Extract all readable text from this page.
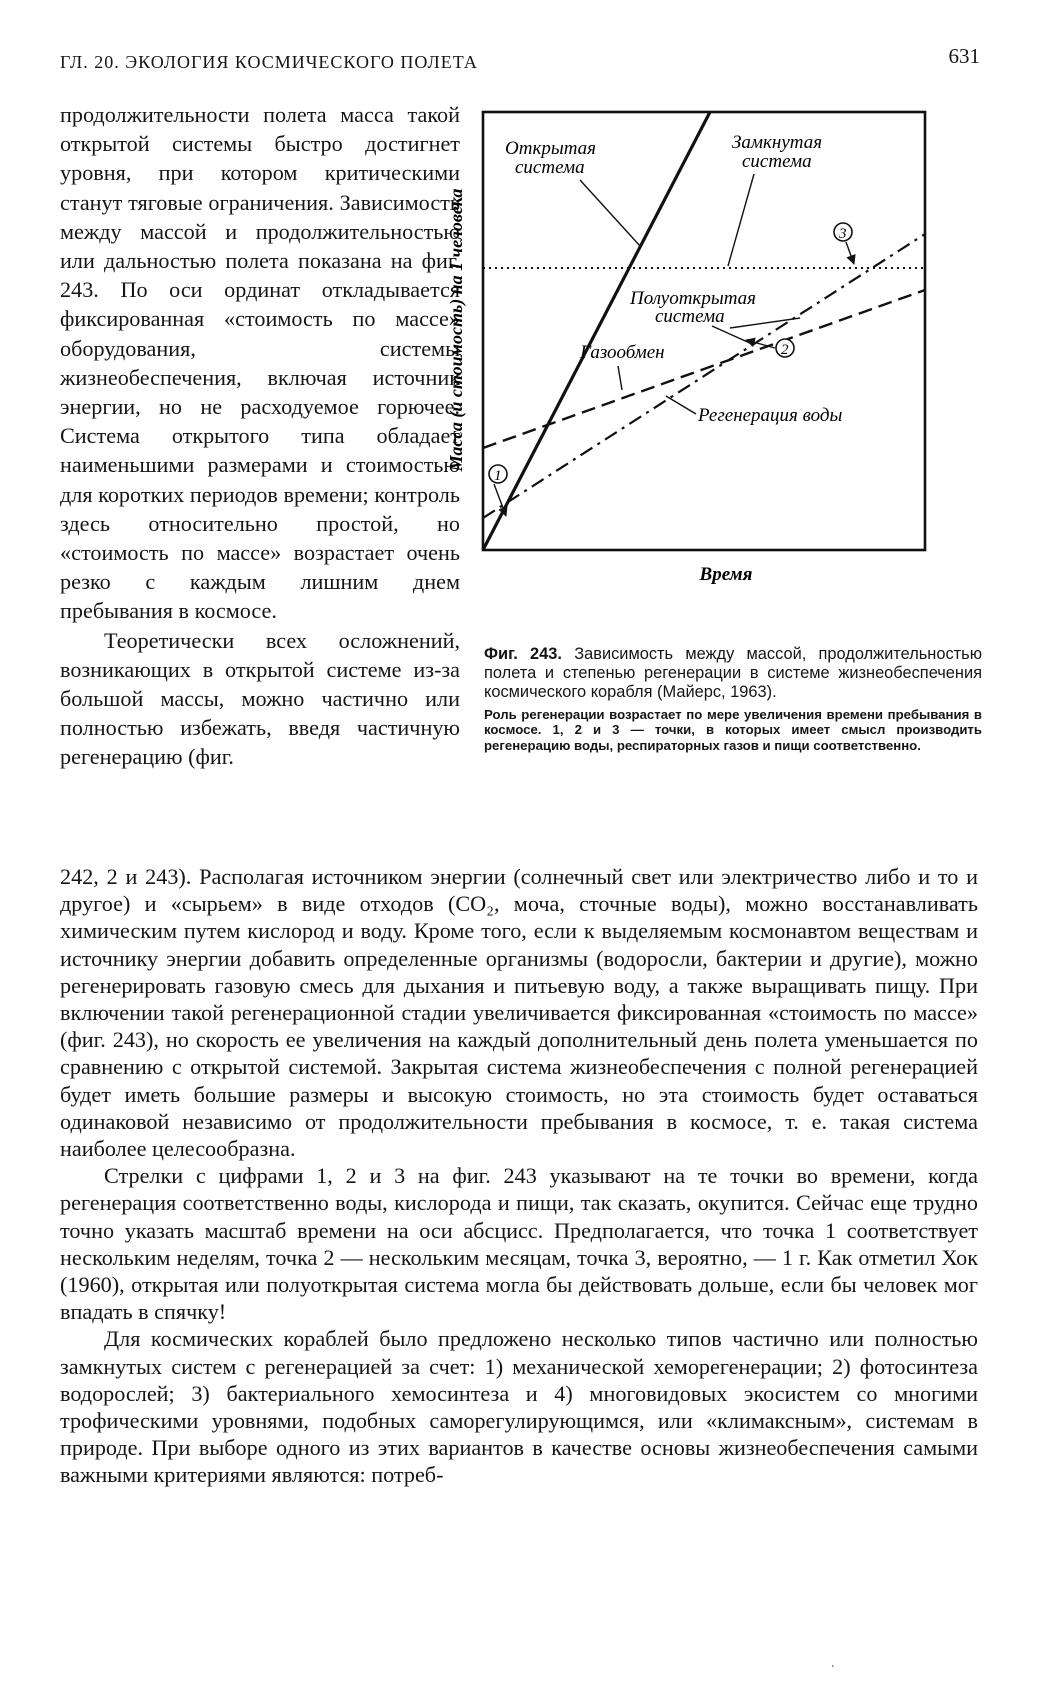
ГЛ. 20. ЭКОЛОГИЯ КОСМИЧЕСКОГО ПОЛЕТА	631

продолжительности полета масса такой открытой системы быстро достигнет уровня, при котором критическими станут тяговые ограничения. Зависимость между массой и продолжительностью или дальностью полета показана на фиг. 243. По оси ординат откладывается фиксированная «стоимость по массе» оборудования, системы жизнеобеспечения, включая источник энергии, но не расходуемое горючее. Система открытого типа обладает наименьшими размерами и стоимостью для коротких периодов времени; контроль здесь относительно простой, но «стоимость по массе» возрастает очень резко с каждым лишним днем пребывания в космосе.

Теоретически всех осложнений, возникающих в открытой системе из-за большой массы, можно частично или полностью избежать, введя частичную регенерацию (фиг.

Открытая
система
Замкнутая
система
Полуоткрытая
система
Газообмен
Регенерация воды
1
2
3
Время
Масса (и стоимость) на 1 человека

Фиг. 243. Зависимость между массой, продолжительностью полета и степенью регенерации в системе жизнеобеспечения космического корабля (Майерс, 1963).

Роль регенерации возрастает по мере увеличения времени пребывания в космосе. 1, 2 и 3 — точки, в которых имеет смысл производить регенерацию воды, респираторных газов и пищи соответственно.

242, 2 и 243). Располагая источником энергии (солнечный свет или электричество либо и то и другое) и «сырьем» в виде отходов (CO₂, моча, сточные воды), можно восстанавливать химическим путем кислород и воду. Кроме того, если к выделяемым космонавтом веществам и источнику энергии добавить определенные организмы (водоросли, бактерии и другие), можно регенерировать газовую смесь для дыхания и питьевую воду, а также выращивать пищу. При включении такой регенерационной стадии увеличивается фиксированная «стоимость по массе» (фиг. 243), но скорость ее увеличения на каждый дополнительный день полета уменьшается по сравнению с открытой системой. Закрытая система жизнеобеспечения с полной регенерацией будет иметь большие размеры и высокую стоимость, но эта стоимость будет оставаться одинаковой независимо от продолжительности пребывания в космосе, т. е. такая система наиболее целесообразна.

Стрелки с цифрами 1, 2 и 3 на фиг. 243 указывают на те точки во времени, когда регенерация соответственно воды, кислорода и пищи, так сказать, окупится. Сейчас еще трудно точно указать масштаб времени на оси абсцисс. Предполагается, что точка 1 соответствует нескольким неделям, точка 2 — нескольким месяцам, точка 3, вероятно, — 1 г. Как отметил Хок (1960), открытая или полуоткрытая система могла бы действовать дольше, если бы человек мог впадать в спячку!

Для космических кораблей было предложено несколько типов частично или полностью замкнутых систем с регенерацией за счет: 1) механической хеморегенерации; 2) фотосинтеза водорослей; 3) бактериального хемосинтеза и 4) многовидовых экосистем со многими трофическими уровнями, подобных саморегулирующимся, или «климаксным», системам в природе. При выборе одного из этих вариантов в качестве основы жизнеобеспечения самыми важными критериями являются: потреб-

'
